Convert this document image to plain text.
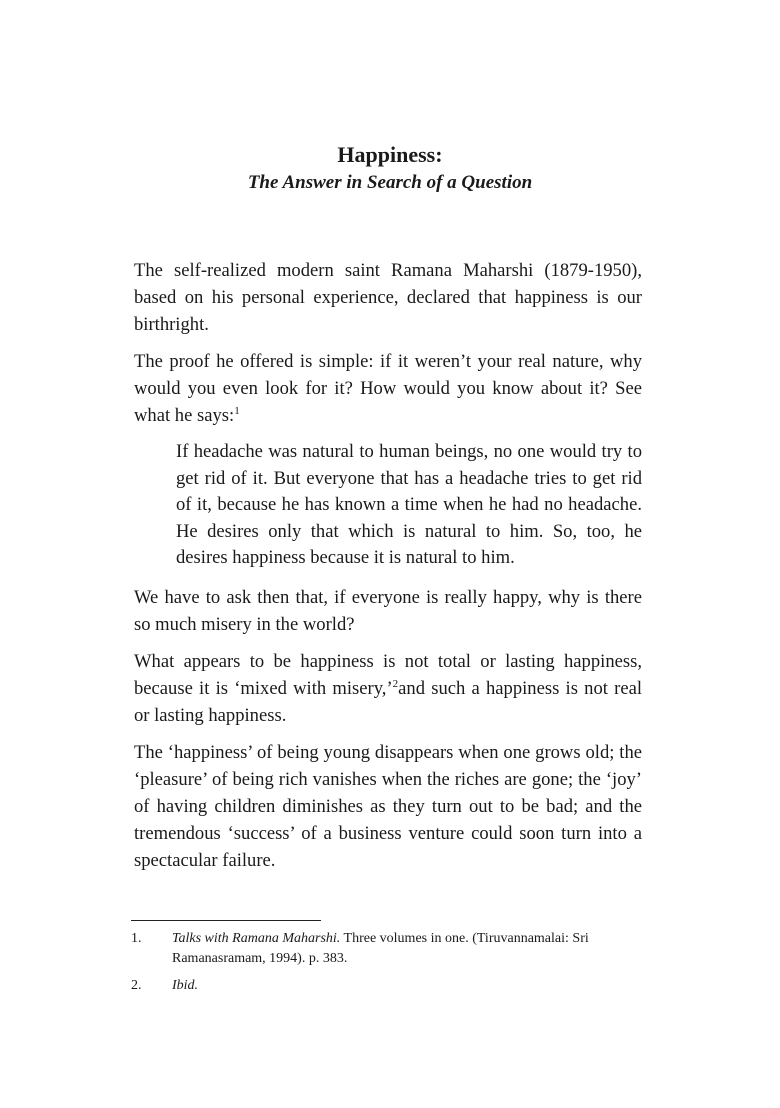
Happiness:
The Answer in Search of a Question

The self-realized modern saint Ramana Maharshi (1879-1950), based on his personal experience, declared that happiness is our birthright.

The proof he offered is simple: if it weren’t your real nature, why would you even look for it? How would you know about it? See what he says:$^1$

If headache was natural to human beings, no one would try to get rid of it. But everyone that has a headache tries to get rid of it, because he has known a time when he had no headache. He desires only that which is natural to him. So, too, he desires happiness because it is natural to him.

We have to ask then that, if everyone is really happy, why is there so much misery in the world?

What appears to be happiness is not total or lasting happiness, because it is ‘mixed with misery,’$^2$and such a happiness is not real or lasting happiness.

The ‘happiness’ of being young disappears when one grows old; the ‘pleasure’ of being rich vanishes when the riches are gone; the ‘joy’ of having children diminishes as they turn out to be bad; and the tremendous ‘success’ of a business venture could soon turn into a spectacular failure.

1.	Talks with Ramana Maharshi. Three volumes in one. (Tiruvannamalai: Sri Ramanasramam, 1994). p. 383.
2.	Ibid.
